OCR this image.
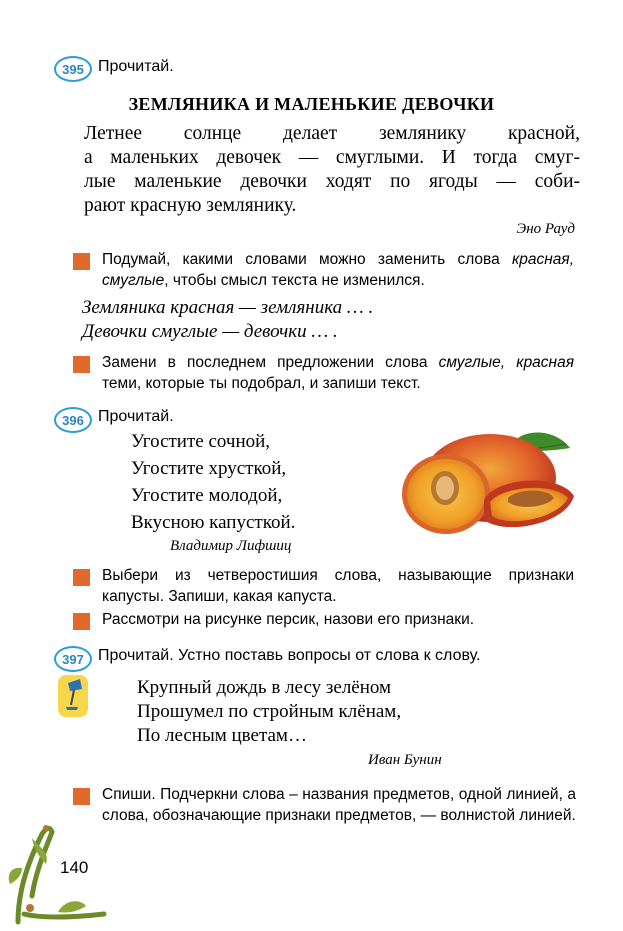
395 Прочитай.
ЗЕМЛЯНИКА И МАЛЕНЬКИЕ ДЕВОЧКИ
Летнее солнце делает землянику красной,
а маленьких девочек — смуглыми. И тогда смуг-
лые маленькие девочки ходят по ягоды — соби-
рают красную землянику.
Эно Рауд
Подумай, какими словами можно заменить слова красная, смуглые, чтобы смысл текста не изменился.
Земляника красная — земляника … .
Девочки смуглые — девочки … .
Замени в последнем предложении слова смуглые, красная теми, которые ты подобрал, и запиши текст.
396 Прочитай.
Угостите сочной,
Угостите хрусткой,
Угостите молодой,
Вкусною капусткой.
Владимир Лифшиц
Выбери из четверостишия слова, называющие признаки капусты. Запиши, какая капуста.
Рассмотри на рисунке персик, назови его признаки.
397 Прочитай. Устно поставь вопросы от слова к слову.
Крупный дождь в лесу зелёном
Прошумел по стройным клёнам,
По лесным цветам…
Иван Бунин
Спиши. Подчеркни слова – названия предметов, одной линией, а слова, обозначающие признаки предметов, — волнистой линией.
140
